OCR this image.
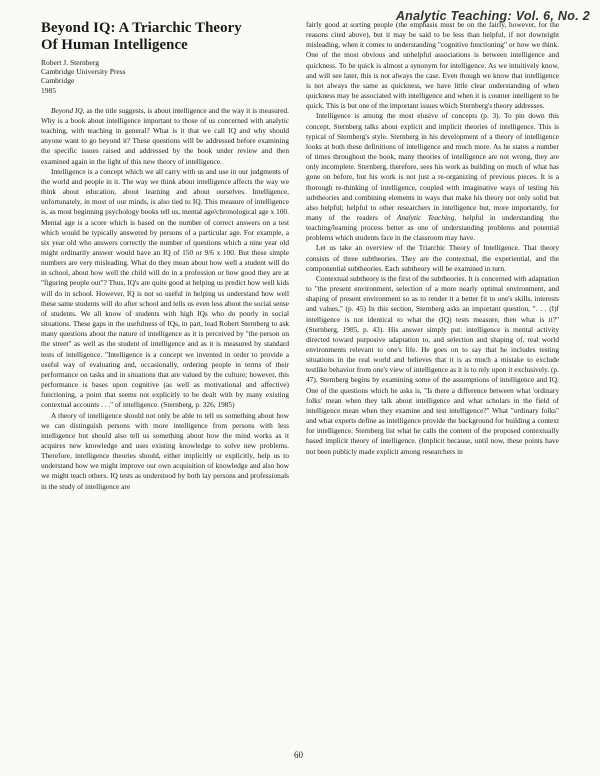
Analytic Teaching: Vol. 6, No. 2
Beyond IQ: A Triarchic Theory
Of Human Intelligence
Robert J. Sternberg
Cambridge University Press
Cambridge
1985

Beyond IQ, as the title suggests, is about intelligence and the way it is measured. Why is a book about intelligence important to those of us concerned with analytic teaching, with teaching in general? What is it that we call IQ and why should anyone want to go beyond it? These questions will be addressed before examining the specific issues raised and addressed by the book under review and then examined again in the light of this new theory of intelligence.

Intelligence is a concept which we all carry with us and use in our judgments of the world and people in it. The way we think about intelligence affects the way we think about education, about learning and about ourselves. Intelligence, unfortunately, in most of our minds, is also tied to IQ. This measure of intelligence is, as most beginning psychology books tell us, mental age/chronological age x 100. Mental age is a score which is based on the number of correct answers on a test which would be typically answered by persons of a particular age. For example, a six year old who answers correctly the number of questions which a nine year old might ordinarily answer would have an IQ of 150 or 9/6 x 100. But these simple numbers are very misleading. What do they mean about how well a student will do in school, about how well the child will do in a profession or how good they are at "figuring people out"? Thus, IQ's are quite good at helping us predict how well kids will do in school. However, IQ is not so useful in helping us understand how well these same students will do after school and tells us even less about the social sense of students. We all know of students with high IQs who do poorly in social situations. These gaps in the usefulness of IQs, in part, lead Robert Sternberg to ask many questions about the nature of intelligence as it is perceived by "the person on the street" as well as the student of intelligence and as it is measured by standard tests of intelligence. "Intelligence is a concept we invented in order to provide a useful way of evaluating and, occasionally, ordering people in terms of their performance on tasks and in situations that are valued by the culture; however, this performance is bases upon cognitive (as well as motivational and affective) functioning, a point that seems not explicitly to be dealt with by many existing contextual accounts . . ." of intelligence. (Sternberg, p. 326, 1985)

A theory of intelligence should not only be able to tell us something about how we can distinguish persons with more intelligence from persons with less intelligence but should also tell us something about how the mind works as it acquires new knowledge and uses existing knowledge to solve new problems. Therefore, intelligence theories should, either implicitly or explicitly, help us to understand how we might improve our own acquisition of knowledge and also how we might teach others. IQ tests as understood by both lay persons and professionals in the study of intelligence are

fairly good at sorting people (the emphasis must be on the fairly, however, for the reasons cited above), but it may be said to be less than helpful, if not downright misleading, when it comes to understanding "cognitive functioning" or how we think. One of the most obvious and unhelpful associations is between intelligence and quickness. To be quick is almost a synonym for intelligence. As we intuitively know, and will see later, this is not always the case. Even though we know that intelligence is not always the same as quickness, we have little clear understanding of when quickness may be associated with intelligence and when it is counter intelligent to be quick. This is but one of the important issues which Sternberg's theory addresses.

Intelligence is among the most elusive of concepts (p. 3). To pin down this concept, Sternberg talks about explicit and implicit theories of intelligence. This is typical of Sternberg's style. Sternberg in his development of a theory of intelligence looks at both these definitions of intelligence and much more. As he states a number of times throughout the book, many theories of intelligence are not wrong, they are only incomplete. Sternberg, therefore, sees his work as building on much of what has gone on before, but his work is not just a re-organizing of previous pieces. It is a thorough re-thinking of intelligence, coupled with imaginative ways of testing his subtheories and combining elements in ways that make his theory not only solid but also helpful; helpful to other researchers in intelligence but, more importantly, for many of the readers of Analytic Teaching, helpful in understanding the teaching/learning process better as one of understanding problems and potential problems which students face in the classroom may have.

Let us take an overview of the Triarchic Theory of Intelligence. That theory consists of three subtheories. They are the contextual, the experiential, and the componential subtheories. Each subtheory will be examined in turn.

Contextual subtheory is the first of the subtheories. It is concerned with adaptation to "the present environment, selection of a more nearly optimal environment, and shaping of present environment so as to render it a better fit to one's skills, interests and values," (p. 45) In this section, Sternberg asks an important question, ". . . (I)f intelligence is not identical to what the (IQ) tests measure, then what is it?" (Sternberg, 1985, p. 43). His answer simply put: intelligence is mental activity directed toward purposive adaptation to, and selection and shaping of, real world environments relevant to one's life. He goes on to say that he includes testing situations in the real world and believes that it is as much a mistake to exclude testlike behavior from one's view of intelligence as it is to rely upon it exclusively. (p. 47). Sternberg begins by examining some of the assumptions of intelligence and IQ. One of the questions which he asks is, "Is there a difference between what 'ordinary folks' mean when they talk about intelligence and what scholars in the field of intelligence mean when they examine and test intelligence?" What "ordinary folks" and what experts define as intelligence provide the background for building a context for intelligence. Sternberg list what he calls the content of the proposed contextually based implicit theory of intelligence. (Implicit because, until now, these points have not been publicly made explicit among researchers in

60
